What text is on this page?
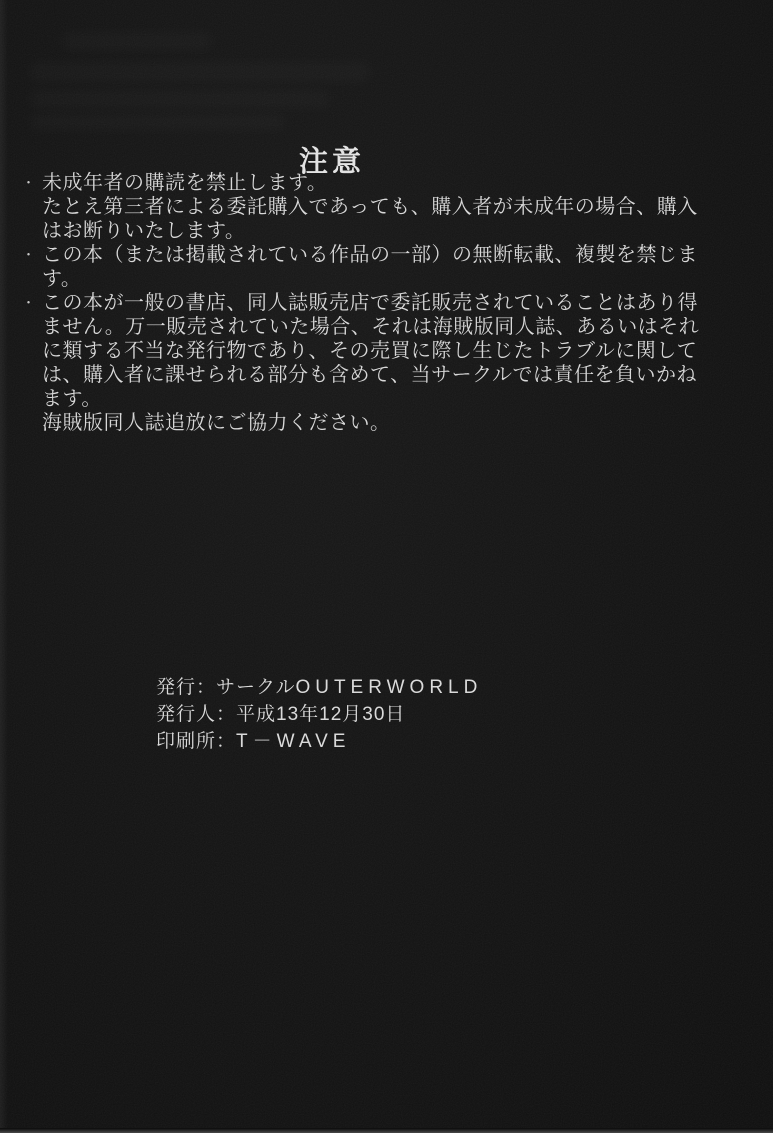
注意
・ 未成年者の購読を禁止します。
たとえ第三者による委託購入であっても、購入者が未成年の場合、購入
はお断りいたします。
・ この本（または掲載されている作品の一部）の無断転載、複製を禁じま
す。
・ この本が一般の書店、同人誌販売店で委託販売されていることはあり得
ません。万一販売されていた場合、それは海賊版同人誌、あるいはそれ
に類する不当な発行物であり、その売買に際し生じたトラブルに関して
は、購入者に課せられる部分も含めて、当サークルでは責任を負いかね
ます。
海賊版同人誌追放にご協力ください。
発行：サークルOUTERWORLD
発行人：平成13年12月30日
印刷所：T－WAVE
